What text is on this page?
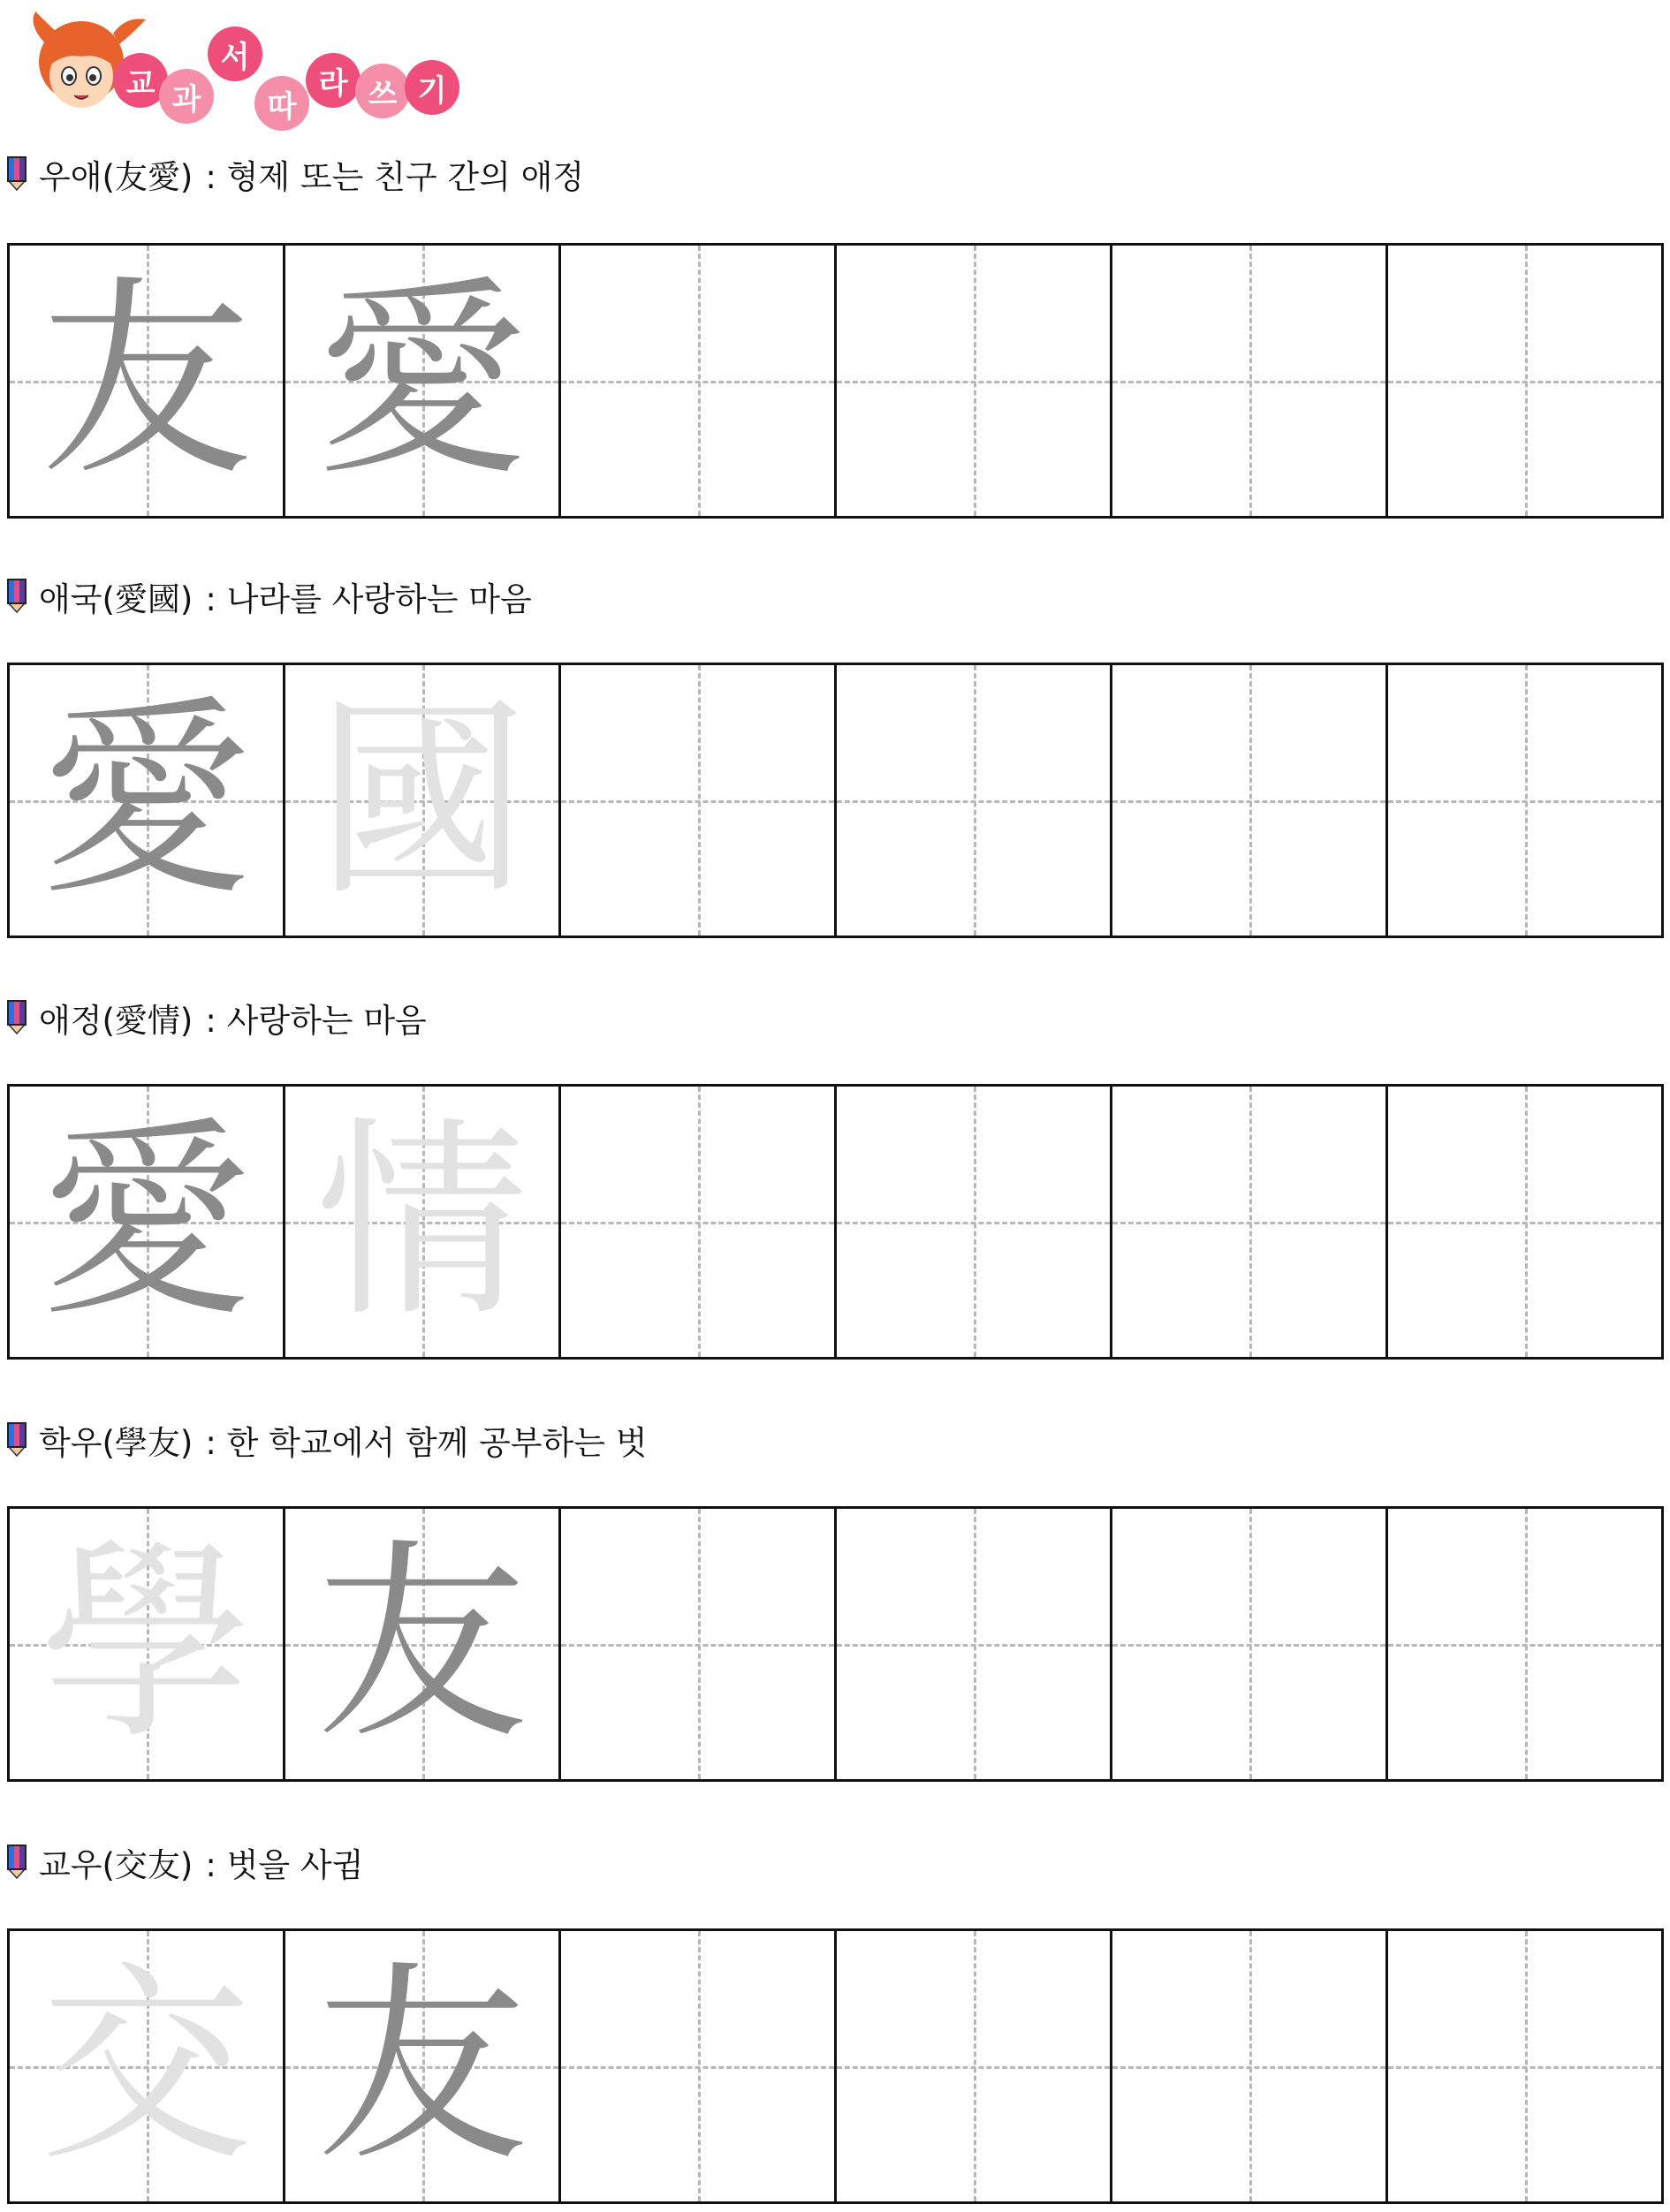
교 과
서
따
라 쓰 기
우애(友愛) : 형제 또는 친구 간의 애정
友 愛
애국(愛國) : 나라를 사랑하는 마음
愛 國
애정(愛情) : 사랑하는 마음
愛 情
학우(學友) : 한 학교에서 함께 공부하는 벗
學 友
교우(交友) : 벗을 사귐
交 友
